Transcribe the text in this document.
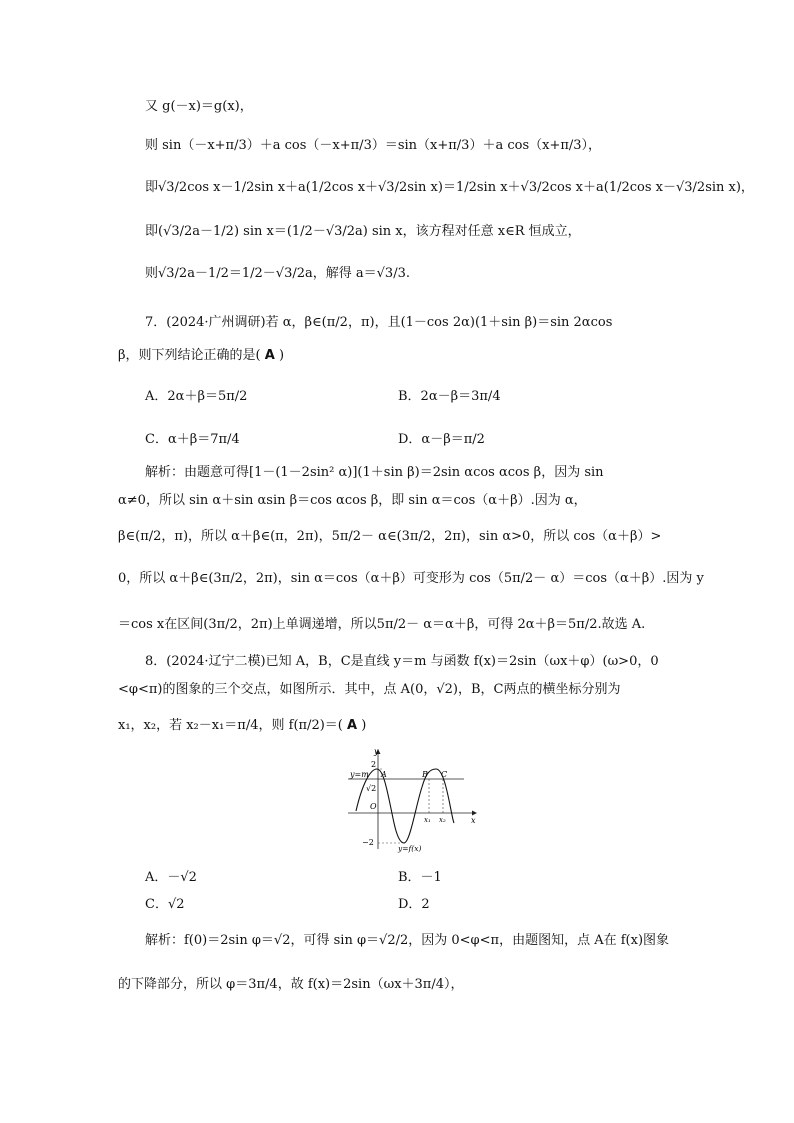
又 g(－x)＝g(x)，
则 sin（－x+π/3）＋a cos（－x+π/3）＝sin（x+π/3）＋a cos（x+π/3），
即√3/2cos x－1/2sin x＋a(1/2cos x＋√3/2sin x)＝1/2sin x＋√3/2cos x＋a(1/2cos x－√3/2sin x)，
即(√3/2a－1/2) sin x＝(1/2－√3/2a) sin x，该方程对任意 x∈R 恒成立，
则√3/2a－1/2＝1/2－√3/2a，解得 a＝√3/3.
7．(2024·广州调研)若 α，β∈(π/2，π)，且(1－cos 2α)(1＋sin β)＝sin 2αcos
β，则下列结论正确的是( A )
A．2α＋β＝5π/2	B．2α－β＝3π/4
C．α＋β＝7π/4	D．α－β＝π/2
解析：由题意可得[1－(1－2sin² α)](1＋sin β)＝2sin αcos αcos β，因为 sin
α≠0，所以 sin α＋sin αsin β＝cos αcos β，即 sin α＝cos（α＋β）.因为 α，
β∈(π/2，π)，所以 α＋β∈(π，2π)，5π/2－ α∈(3π/2，2π)，sin α>0，所以 cos（α＋β）>
0，所以 α＋β∈(3π/2，2π)，sin α＝cos（α＋β）可变形为 cos（5π/2－ α）＝cos（α＋β）.因为 y
＝cos x在区间(3π/2，2π)上单调递增，所以5π/2－ α＝α＋β，可得 2α＋β＝5π/2.故选 A.
8．(2024·辽宁二模)已知 A，B，C是直线 y＝m 与函数 f(x)＝2sin（ωx＋φ）(ω>0，0
<φ<π)的图象的三个交点，如图所示．其中，点 A(0，√2)，B，C两点的横坐标分别为
x₁，x₂，若 x₂－x₁＝π/4，则 f(π/2)＝( A )
y
x
y=m A	B C
2
√2
O
−2
x₁ x₂
y=f(x)
A．－√2	B．－1
C．√2	D．2
解析：f(0)＝2sin φ＝√2，可得 sin φ＝√2/2，因为 0<φ<π，由题图知，点 A在 f(x)图象
的下降部分，所以 φ＝3π/4，故 f(x)＝2sin（ωx＋3π/4），
